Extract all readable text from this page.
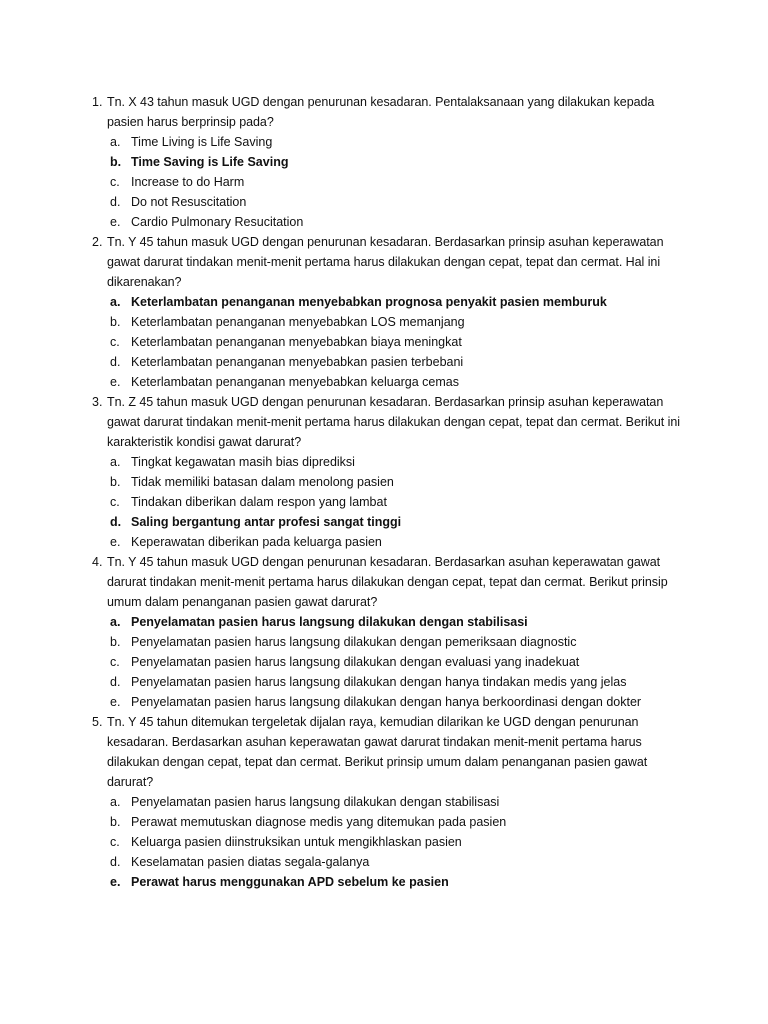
1. Tn. X 43 tahun masuk UGD dengan penurunan kesadaran. Pentalaksanaan yang dilakukan kepada pasien harus berprinsip pada?

a. Time Living is Life Saving
b. Time Saving is Life Saving
c. Increase to do Harm
d. Do not Resuscitation
e. Cardio Pulmonary Resucitation
2. Tn. Y 45 tahun masuk UGD dengan penurunan kesadaran. Berdasarkan prinsip asuhan keperawatan gawat darurat tindakan menit-menit pertama harus dilakukan dengan cepat, tepat dan cermat. Hal ini dikarenakan?

a. Keterlambatan penanganan menyebabkan prognosa penyakit pasien memburuk
b. Keterlambatan penanganan menyebabkan LOS memanjang
c. Keterlambatan penanganan menyebabkan biaya meningkat
d. Keterlambatan penanganan menyebabkan pasien terbebani
e. Keterlambatan penanganan menyebabkan keluarga cemas
3. Tn. Z 45 tahun masuk UGD dengan penurunan kesadaran. Berdasarkan prinsip asuhan keperawatan gawat darurat tindakan menit-menit pertama harus dilakukan dengan cepat, tepat dan cermat. Berikut ini karakteristik kondisi gawat darurat?

a. Tingkat kegawatan masih bias diprediksi
b. Tidak memiliki batasan dalam menolong pasien
c. Tindakan diberikan dalam respon yang lambat
d. Saling bergantung antar profesi sangat tinggi
e. Keperawatan diberikan pada keluarga pasien
4. Tn. Y 45 tahun masuk UGD dengan penurunan kesadaran. Berdasarkan asuhan keperawatan gawat darurat tindakan menit-menit pertama harus dilakukan dengan cepat, tepat dan cermat. Berikut prinsip umum dalam penanganan pasien gawat darurat?

a. Penyelamatan pasien harus langsung dilakukan dengan stabilisasi
b. Penyelamatan pasien harus langsung dilakukan dengan pemeriksaan diagnostic
c. Penyelamatan pasien harus langsung dilakukan dengan evaluasi yang inadekuat
d. Penyelamatan pasien harus langsung dilakukan dengan hanya tindakan medis yang jelas
e. Penyelamatan pasien harus langsung dilakukan dengan hanya berkoordinasi dengan dokter
5. Tn. Y 45 tahun ditemukan tergeletak dijalan raya, kemudian dilarikan ke UGD dengan penurunan kesadaran. Berdasarkan asuhan keperawatan gawat darurat tindakan menit-menit pertama harus dilakukan dengan cepat, tepat dan cermat. Berikut prinsip umum dalam penanganan pasien gawat darurat?

a. Penyelamatan pasien harus langsung dilakukan dengan stabilisasi
b. Perawat memutuskan diagnose medis yang ditemukan pada pasien
c. Keluarga pasien diinstruksikan untuk mengikhlaskan pasien
d. Keselamatan pasien diatas segala-galanya
e. Perawat harus menggunakan APD sebelum ke pasien
